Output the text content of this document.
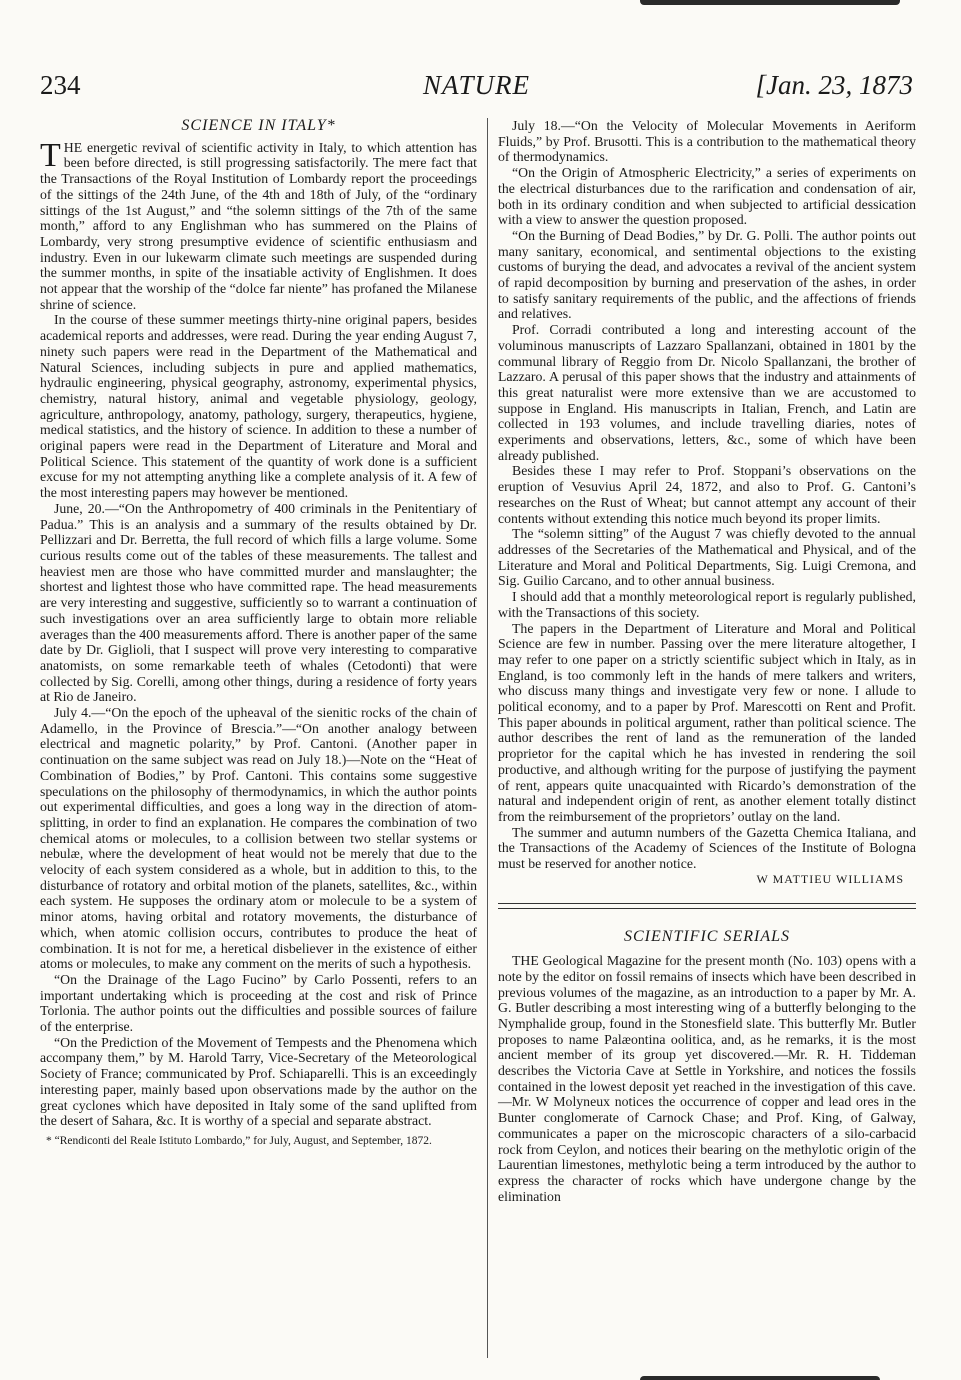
234	NATURE	[Jan. 23, 1873
SCIENCE IN ITALY*

THE energetic revival of scientific activity in Italy, to which attention has been before directed, is still progressing satisfactorily. The mere fact that the Transactions of the Royal Institution of Lombardy report the proceedings of the sittings of the 24th June, of the 4th and 18th of July, of the “ordinary sittings of the 1st August,” and “the solemn sittings of the 7th of the same month,” afford to any Englishman who has summered on the Plains of Lombardy, very strong presumptive evidence of scientific enthusiasm and industry. Even in our lukewarm climate such meetings are suspended during the summer months, in spite of the insatiable activity of Englishmen. It does not appear that the worship of the “dolce far niente” has profaned the Milanese shrine of science.

In the course of these summer meetings thirty-nine original papers, besides academical reports and addresses, were read. During the year ending August 7, ninety such papers were read in the Department of the Mathematical and Natural Sciences, including subjects in pure and applied mathematics, hydraulic engineering, physical geography, astronomy, experimental physics, chemistry, natural history, animal and vegetable physiology, geology, agriculture, anthropology, anatomy, pathology, surgery, therapeutics, hygiene, medical statistics, and the history of science. In addition to these a number of original papers were read in the Department of Literature and Moral and Political Science. This statement of the quantity of work done is a sufficient excuse for my not attempting anything like a complete analysis of it. A few of the most interesting papers may however be mentioned.

June, 20.—“On the Anthropometry of 400 criminals in the Penitentiary of Padua.” This is an analysis and a summary of the results obtained by Dr. Pellizzari and Dr. Berretta, the full record of which fills a large volume. Some curious results come out of the tables of these measurements. The tallest and heaviest men are those who have committed murder and manslaughter; the shortest and lightest those who have committed rape. The head measurements are very interesting and suggestive, sufficiently so to warrant a continuation of such investigations over an area sufficiently large to obtain more reliable averages than the 400 measurements afford. There is another paper of the same date by Dr. Giglioli, that I suspect will prove very interesting to comparative anatomists, on some remarkable teeth of whales (Cetodonti) that were collected by Sig. Corelli, among other things, during a residence of forty years at Rio de Janeiro.

July 4.—“On the epoch of the upheaval of the sienitic rocks of the chain of Adamello, in the Province of Brescia.”—“On another analogy between electrical and magnetic polarity,” by Prof. Cantoni. (Another paper in continuation on the same subject was read on July 18.)—Note on the “Heat of Combination of Bodies,” by Prof. Cantoni. This contains some suggestive speculations on the philosophy of thermodynamics, in which the author points out experimental difficulties, and goes a long way in the direction of atom-splitting, in order to find an explanation. He compares the combination of two chemical atoms or molecules, to a collision between two stellar systems or nebulæ, where the development of heat would not be merely that due to the velocity of each system considered as a whole, but in addition to this, to the disturbance of rotatory and orbital motion of the planets, satellites, &c., within each system. He supposes the ordinary atom or molecule to be a system of minor atoms, having orbital and rotatory movements, the disturbance of which, when atomic collision occurs, contributes to produce the heat of combination. It is not for me, a heretical disbeliever in the existence of either atoms or molecules, to make any comment on the merits of such a hypothesis.

“On the Drainage of the Lago Fucino” by Carlo Possenti, refers to an important undertaking which is proceeding at the cost and risk of Prince Torlonia. The author points out the difficulties and possible sources of failure of the enterprise.

“On the Prediction of the Movement of Tempests and the Phenomena which accompany them,” by M. Harold Tarry, Vice-Secretary of the Meteorological Society of France; communicated by Prof. Schiaparelli. This is an exceedingly interesting paper, mainly based upon observations made by the author on the great cyclones which have deposited in Italy some of the sand uplifted from the desert of Sahara, &c. It is worthy of a special and separate abstract.

* “Rendiconti del Reale Istituto Lombardo,” for July, August, and September, 1872.

July 18.—“On the Velocity of Molecular Movements in Aeriform Fluids,” by Prof. Brusotti. This is a contribution to the mathematical theory of thermodynamics.

“On the Origin of Atmospheric Electricity,” a series of experiments on the electrical disturbances due to the rarification and condensation of air, both in its ordinary condition and when subjected to artificial dessication with a view to answer the question proposed.

“On the Burning of Dead Bodies,” by Dr. G. Polli. The author points out many sanitary, economical, and sentimental objections to the existing customs of burying the dead, and advocates a revival of the ancient system of rapid decomposition by burning and preservation of the ashes, in order to satisfy sanitary requirements of the public, and the affections of friends and relatives.

Prof. Corradi contributed a long and interesting account of the voluminous manuscripts of Lazzaro Spallanzani, obtained in 1801 by the communal library of Reggio from Dr. Nicolo Spallanzani, the brother of Lazzaro. A perusal of this paper shows that the industry and attainments of this great naturalist were more extensive than we are accustomed to suppose in England. His manuscripts in Italian, French, and Latin are collected in 193 volumes, and include travelling diaries, notes of experiments and observations, letters, &c., some of which have been already published.

Besides these I may refer to Prof. Stoppani’s observations on the eruption of Vesuvius April 24, 1872, and also to Prof. G. Cantoni’s researches on the Rust of Wheat; but cannot attempt any account of their contents without extending this notice much beyond its proper limits.

The “solemn sitting” of the August 7 was chiefly devoted to the annual addresses of the Secretaries of the Mathematical and Physical, and of the Literature and Moral and Political Departments, Sig. Luigi Cremona, and Sig. Guilio Carcano, and to other annual business.

I should add that a monthly meteorological report is regularly published, with the Transactions of this society.

The papers in the Department of Literature and Moral and Political Science are few in number. Passing over the mere literature altogether, I may refer to one paper on a strictly scientific subject which in Italy, as in England, is too commonly left in the hands of mere talkers and writers, who discuss many things and investigate very few or none. I allude to political economy, and to a paper by Prof. Marescotti on Rent and Profit. This paper abounds in political argument, rather than political science. The author describes the rent of land as the remuneration of the landed proprietor for the capital which he has invested in rendering the soil productive, and although writing for the purpose of justifying the payment of rent, appears quite unacquainted with Ricardo’s demonstration of the natural and independent origin of rent, as another element totally distinct from the reimbursement of the proprietors’ outlay on the land.

The summer and autumn numbers of the Gazetta Chemica Italiana, and the Transactions of the Academy of Sciences of the Institute of Bologna must be reserved for another notice.

W MATTIEU WILLIAMS
SCIENTIFIC SERIALS

THE Geological Magazine for the present month (No. 103) opens with a note by the editor on fossil remains of insects which have been described in previous volumes of the magazine, as an introduction to a paper by Mr. A. G. Butler describing a most interesting wing of a butterfly belonging to the Nymphalide group, found in the Stonesfield slate. This butterfly Mr. Butler proposes to name Palæontina oolitica, and, as he remarks, it is the most ancient member of its group yet discovered.—Mr. R. H. Tiddeman describes the Victoria Cave at Settle in Yorkshire, and notices the fossils contained in the lowest deposit yet reached in the investigation of this cave.—Mr. W Molyneux notices the occurrence of copper and lead ores in the Bunter conglomerate of Carnock Chase; and Prof. King, of Galway, communicates a paper on the microscopic characters of a silo-carbacid rock from Ceylon, and notices their bearing on the methylotic origin of the Laurentian limestones, methylotic being a term introduced by the author to express the character of rocks which have undergone change by the elimination
